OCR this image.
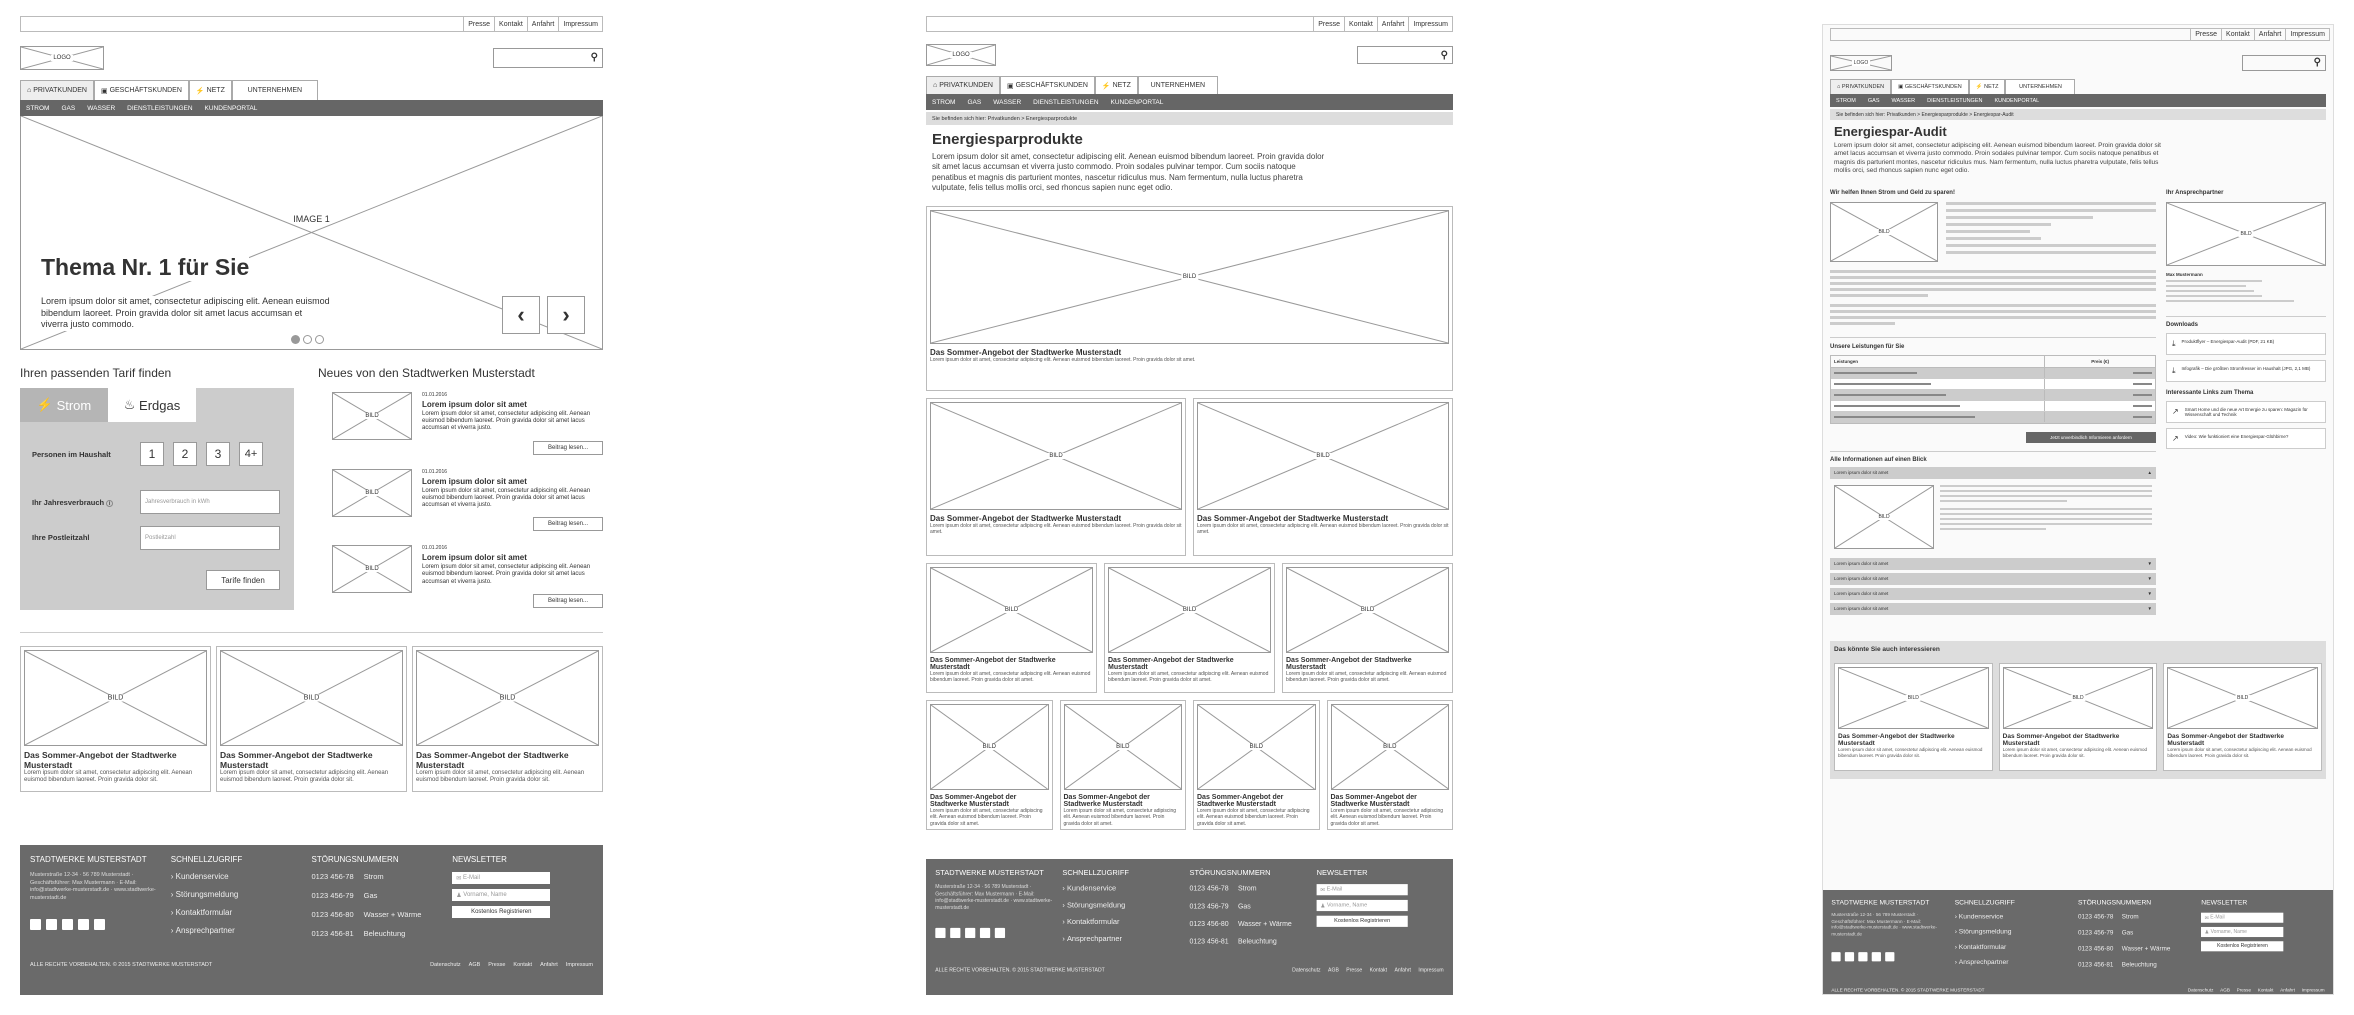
Presse	Kontakt	Anfahrt	Impressum
LOGO	⚲
⌂ PRIVATKUNDEN ▣ GESCHÄFTSKUNDEN ⚡ NETZ	UNTERNEHMEN
STROM	GAS	WASSER	DIENSTLEISTUNGEN	KUNDENPORTAL
IMAGE 1
Thema Nr. 1 für Sie
Lorem ipsum dolor sit amet, consectetur adipiscing elit. Aenean euismod bibendum laoreet. Proin gravida dolor sit amet lacus accumsan et viverra justo commodo.	‹	›
Ihren passenden Tarif finden
⚡
Strom	♨
Erdgas
Personen im Haushalt	1	2	3	4+
Ihr Jahresverbrauch i	Jahresverbrauch in kWh
Ihre Postleitzahl	Postleitzahl
Tarife finden
Neues von den Stadtwerken Musterstadt
BILD
01.01.2016
Lorem ipsum dolor sit amet
Lorem ipsum dolor sit amet, consectetur adipiscing elit. Aenean euismod bibendum laoreet. Proin gravida dolor sit amet lacus accumsan et viverra justo.
Beitrag lesen...
BILD
01.01.2016
Lorem ipsum dolor sit amet
Lorem ipsum dolor sit amet, consectetur adipiscing elit. Aenean euismod bibendum laoreet. Proin gravida dolor sit amet lacus accumsan et viverra justo.
Beitrag lesen...
BILD
01.01.2016
Lorem ipsum dolor sit amet
Lorem ipsum dolor sit amet, consectetur adipiscing elit. Aenean euismod bibendum laoreet. Proin gravida dolor sit amet lacus accumsan et viverra justo.
Beitrag lesen...
BILD
Das Sommer-Angebot der Stadtwerke Musterstadt
Lorem ipsum dolor sit amet, consectetur adipiscing elit. Aenean euismod bibendum laoreet. Proin gravida dolor sit.
BILD
Das Sommer-Angebot der Stadtwerke Musterstadt
Lorem ipsum dolor sit amet, consectetur adipiscing elit. Aenean euismod bibendum laoreet. Proin gravida dolor sit.
BILD
Das Sommer-Angebot der Stadtwerke Musterstadt
Lorem ipsum dolor sit amet, consectetur adipiscing elit. Aenean euismod bibendum laoreet. Proin gravida dolor sit.
STADTWERKE MUSTERSTADT

Musterstraße 12-34 · 56 789 Musterstadt · Geschäftsführer: Max Mustermann · E-Mail: info@stadtwerke-musterstadt.de · www.stadtwerke-musterstadt.de

SCHNELLZUGRIFF
› Kundenservice
› Störungsmeldung
› Kontaktformular
› Ansprechpartner
STÖRUNGSNUMMERN
0123 456-78 Strom
0123 456-79 Gas
0123 456-80 Wasser + Wärme
0123 456-81 Beleuchtung
NEWSLETTER
✉ E-Mail
♟ Vorname, Name
Kostenlos Registrieren
ALLE RECHTE VORBEHALTEN. © 2015 STADTWERKE MUSTERSTADT	Datenschutz AGB Presse Kontakt Anfahrt Impressum
Presse	Kontakt	Anfahrt	Impressum
LOGO	⚲
⌂ PRIVATKUNDEN ▣ GESCHÄFTSKUNDEN ⚡ NETZ	UNTERNEHMEN
STROM	GAS	WASSER	DIENSTLEISTUNGEN	KUNDENPORTAL
Sie befinden sich hier: Privatkunden > Energiesparprodukte
Energiesparprodukte
Lorem ipsum dolor sit amet, consectetur adipiscing elit. Aenean euismod bibendum laoreet. Proin gravida dolor sit amet lacus accumsan et viverra justo commodo. Proin sodales pulvinar tempor. Cum sociis natoque penatibus et magnis dis parturient montes, nascetur ridiculus mus. Nam fermentum, nulla luctus pharetra vulputate, felis tellus mollis orci, sed rhoncus sapien nunc eget odio.
BILD
Das Sommer-Angebot der Stadtwerke Musterstadt
Lorem ipsum dolor sit amet, consectetur adipiscing elit. Aenean euismod bibendum laoreet. Proin gravida dolor sit amet.
BILD
Das Sommer-Angebot der Stadtwerke Musterstadt
Lorem ipsum dolor sit amet, consectetur adipiscing elit. Aenean euismod bibendum laoreet. Proin gravida dolor sit amet.
BILD
Das Sommer-Angebot der Stadtwerke Musterstadt
Lorem ipsum dolor sit amet, consectetur adipiscing elit. Aenean euismod bibendum laoreet. Proin gravida dolor sit amet.
BILD
Das Sommer-Angebot der Stadtwerke Musterstadt
Lorem ipsum dolor sit amet, consectetur adipiscing elit. Aenean euismod bibendum laoreet. Proin gravida dolor sit amet.
BILD
Das Sommer-Angebot der Stadtwerke Musterstadt
Lorem ipsum dolor sit amet, consectetur adipiscing elit. Aenean euismod bibendum laoreet. Proin gravida dolor sit amet.
BILD
Das Sommer-Angebot der Stadtwerke Musterstadt
Lorem ipsum dolor sit amet, consectetur adipiscing elit. Aenean euismod bibendum laoreet. Proin gravida dolor sit amet.
BILD
Das Sommer-Angebot der Stadtwerke Musterstadt
Lorem ipsum dolor sit amet, consectetur adipiscing elit. Aenean euismod bibendum laoreet. Proin gravida dolor sit amet.
BILD
Das Sommer-Angebot der Stadtwerke Musterstadt
Lorem ipsum dolor sit amet, consectetur adipiscing elit. Aenean euismod bibendum laoreet. Proin gravida dolor sit amet.
BILD
Das Sommer-Angebot der Stadtwerke Musterstadt
Lorem ipsum dolor sit amet, consectetur adipiscing elit. Aenean euismod bibendum laoreet. Proin gravida dolor sit amet.
BILD
Das Sommer-Angebot der Stadtwerke Musterstadt
Lorem ipsum dolor sit amet, consectetur adipiscing elit. Aenean euismod bibendum laoreet. Proin gravida dolor sit amet.
STADTWERKE MUSTERSTADT

Musterstraße 12-34 · 56 789 Musterstadt · Geschäftsführer: Max Mustermann · E-Mail: info@stadtwerke-musterstadt.de · www.stadtwerke-musterstadt.de

SCHNELLZUGRIFF
› Kundenservice
› Störungsmeldung
› Kontaktformular
› Ansprechpartner
STÖRUNGSNUMMERN
0123 456-78 Strom
0123 456-79 Gas
0123 456-80 Wasser + Wärme
0123 456-81 Beleuchtung
NEWSLETTER
✉ E-Mail
♟ Vorname, Name
Kostenlos Registrieren
ALLE RECHTE VORBEHALTEN. © 2015 STADTWERKE MUSTERSTADT	Datenschutz AGB Presse Kontakt Anfahrt Impressum
Presse	Kontakt	Anfahrt	Impressum
LOGO	⚲
⌂ PRIVATKUNDEN	▣ GESCHÄFTSKUNDEN	⚡ NETZ	UNTERNEHMEN
STROM	GAS	WASSER	DIENSTLEISTUNGEN	KUNDENPORTAL
Sie befinden sich hier: Privatkunden > Energiesparprodukte > Energiespar-Audit
Energiespar-Audit
Lorem ipsum dolor sit amet, consectetur adipiscing elit. Aenean euismod bibendum laoreet. Proin gravida dolor sit amet lacus accumsan et viverra justo commodo. Proin sodales pulvinar tempor. Cum sociis natoque penatibus et magnis dis parturient montes, nascetur ridiculus mus. Nam fermentum, nulla luctus pharetra vulputate, felis tellus mollis orci, sed rhoncus sapien nunc eget odio.
Wir helfen Ihnen Strom und Geld zu sparen!
BILD
Unsere Leistungen für Sie
Leistungen	Preis (€)
Jetzt unverbindlich Informieren anfordern
Alle Informationen auf einen Blick
Lorem ipsum dolor sit amet	▲
BILD
Lorem ipsum dolor sit amet	▼
Lorem ipsum dolor sit amet	▼
Lorem ipsum dolor sit amet	▼
Lorem ipsum dolor sit amet	▼
Ihr Ansprechpartner
BILD
Max Mustermann
Downloads
⤓ Produktflyer – Energiespar-Audit (PDF, 21 KB)
⤓ Infografik – Die größten Stromfresser im Haushalt (JPG, 2,1 MB)
Interessante Links zum Thema
↗ Smart Home und die neue Art Energie zu sparen: Magazin für Wissenschaft und Technik
↗ Video: Wie funktioniert eine Energiespar-Glühbirne?
Das könnte Sie auch interessieren
BILD
Das Sommer-Angebot der Stadtwerke Musterstadt
Lorem ipsum dolor sit amet, consectetur adipiscing elit. Aenean euismod bibendum laoreet. Proin gravida dolor sit.
BILD
Das Sommer-Angebot der Stadtwerke Musterstadt
Lorem ipsum dolor sit amet, consectetur adipiscing elit. Aenean euismod bibendum laoreet. Proin gravida dolor sit.
BILD
Das Sommer-Angebot der Stadtwerke Musterstadt
Lorem ipsum dolor sit amet, consectetur adipiscing elit. Aenean euismod bibendum laoreet. Proin gravida dolor sit.
STADTWERKE MUSTERSTADT

Musterstraße 12-34 · 56 789 Musterstadt · Geschäftsführer: Max Mustermann · E-Mail: info@stadtwerke-musterstadt.de · www.stadtwerke-musterstadt.de

SCHNELLZUGRIFF
› Kundenservice
› Störungsmeldung
› Kontaktformular
› Ansprechpartner
STÖRUNGSNUMMERN
0123 456-78 Strom
0123 456-79 Gas
0123 456-80 Wasser + Wärme
0123 456-81 Beleuchtung
NEWSLETTER
✉ E-Mail
♟ Vorname, Name
Kostenlos Registrieren
ALLE RECHTE VORBEHALTEN. © 2015 STADTWERKE MUSTERSTADT	Datenschutz AGB Presse Kontakt Anfahrt Impressum
